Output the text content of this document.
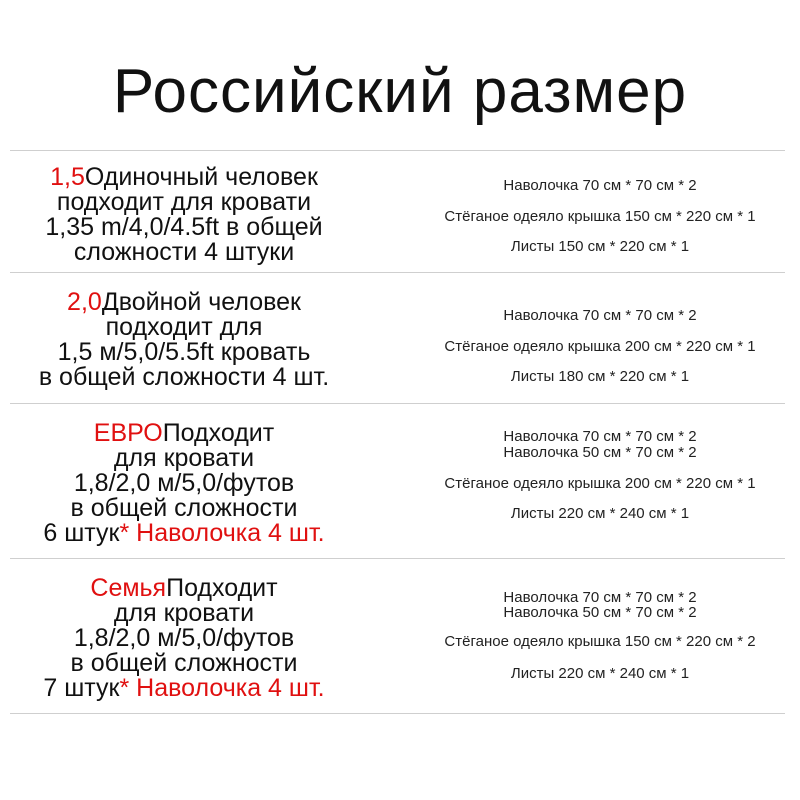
Российский размер
1,5Одиночный человек
подходит для кровати
1,35 m/4,0/4.5ft в общей
сложности 4 штуки
Наволочка 70 см * 70 см * 2
Стёганое одеяло крышка 150 см * 220 см * 1
Листы 150 см * 220 см * 1
2,0Двойной человек
подходит для
1,5 м/5,0/5.5ft кровать
в общей сложности 4 шт.
Наволочка 70 см * 70 см * 2
Стёганое одеяло крышка 200 см * 220 см * 1
Листы 180 см * 220 см * 1
ЕВРОПодходит
для кровати
1,8/2,0 м/5,0/футов
в общей сложности
6 штук* Наволочка 4 шт.
Наволочка 70 см * 70 см * 2
Наволочка 50 см * 70 см * 2
Стёганое одеяло крышка 200 см * 220 см * 1
Листы 220 см * 240 см * 1
СемьяПодходит
для кровати
1,8/2,0 м/5,0/футов
в общей сложности
7 штук* Наволочка 4 шт.
Наволочка 70 см * 70 см * 2
Наволочка 50 см * 70 см * 2
Стёганое одеяло крышка 150 см * 220 см * 2
Листы 220 см * 240 см * 1
